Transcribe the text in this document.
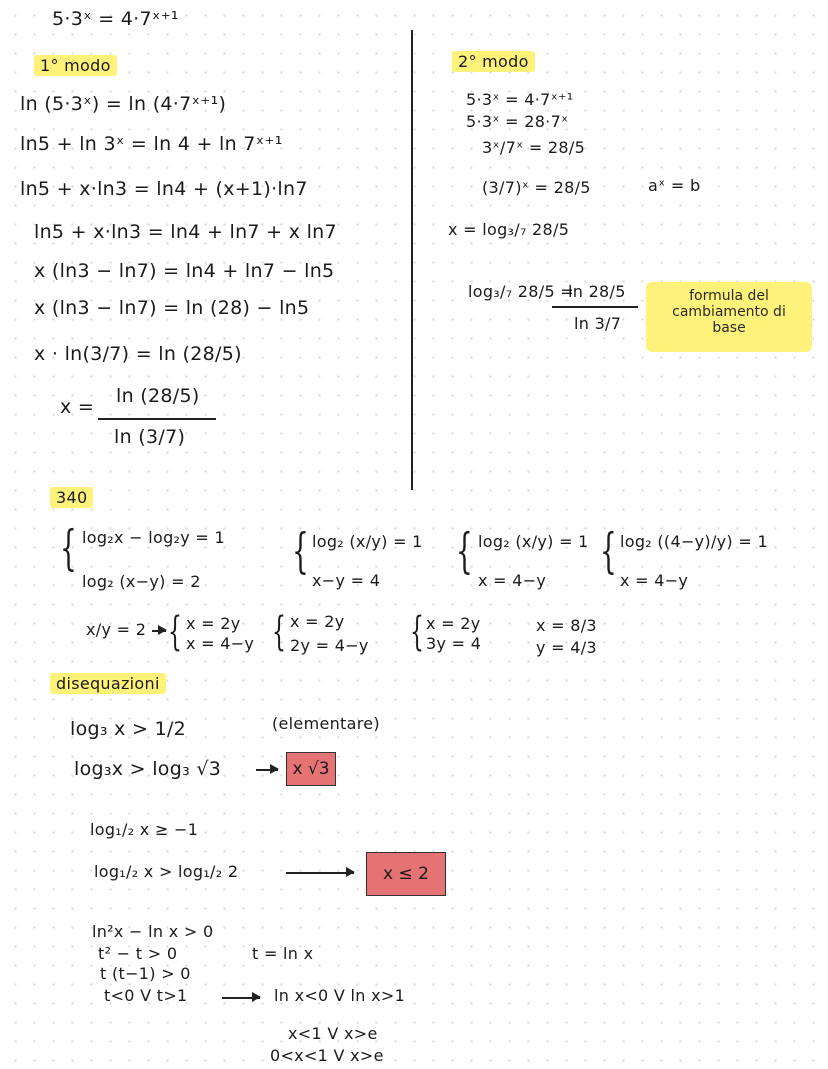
5·3ˣ = 4·7ˣ⁺¹
1° modo
ln (5·3ˣ) = ln (4·7ˣ⁺¹)
ln5 + ln 3ˣ = ln 4 + ln 7ˣ⁺¹
ln5 + x·ln3 = ln4 + (x+1)·ln7
ln5 + x·ln3 = ln4 + ln7 + x ln7
x (ln3 − ln7) = ln4 + ln7 − ln5
x (ln3 − ln7) = ln (28) − ln5
x · ln(3/7) = ln (28/5)
x = ln (28/5)
ln (3/7)
2° modo
5·3ˣ = 4·7ˣ⁺¹
5·3ˣ = 28·7ˣ
3ˣ/7ˣ = 28/5
(3/7)ˣ = 28/5
x = log₃/₇ 28/5
aˣ = b
log₃/₇ 28/5 =
ln 28/5
ln 3/7
formula del cambiamento di base
340
{ log₂x − log₂y = 1
log₂ (x−y) = 2
{ log₂ (x/y) = 1
x−y = 4
{ log₂ (x/y) = 1
x = 4−y
{ log₂ ((4−y)/y) = 1
x = 4−y
x/y = 2 { x = 2y
x = 4−y { x = 2y
2y = 4−y { x = 2y
3y = 4
x = 8/3
y = 4/3
disequazioni
log₃ x > 1/2	(elementare)
log₃x > log₃ √3	x √3
log₁/₂ x ≥ −1
log₁/₂ x > log₁/₂ 2	x ≤ 2
ln²x − ln x > 0
t² − t > 0	t = ln x
t (t−1) > 0
t<0 V t>1	ln x<0 V ln x>1
x<1 V x>e
0<x<1 V x>e
